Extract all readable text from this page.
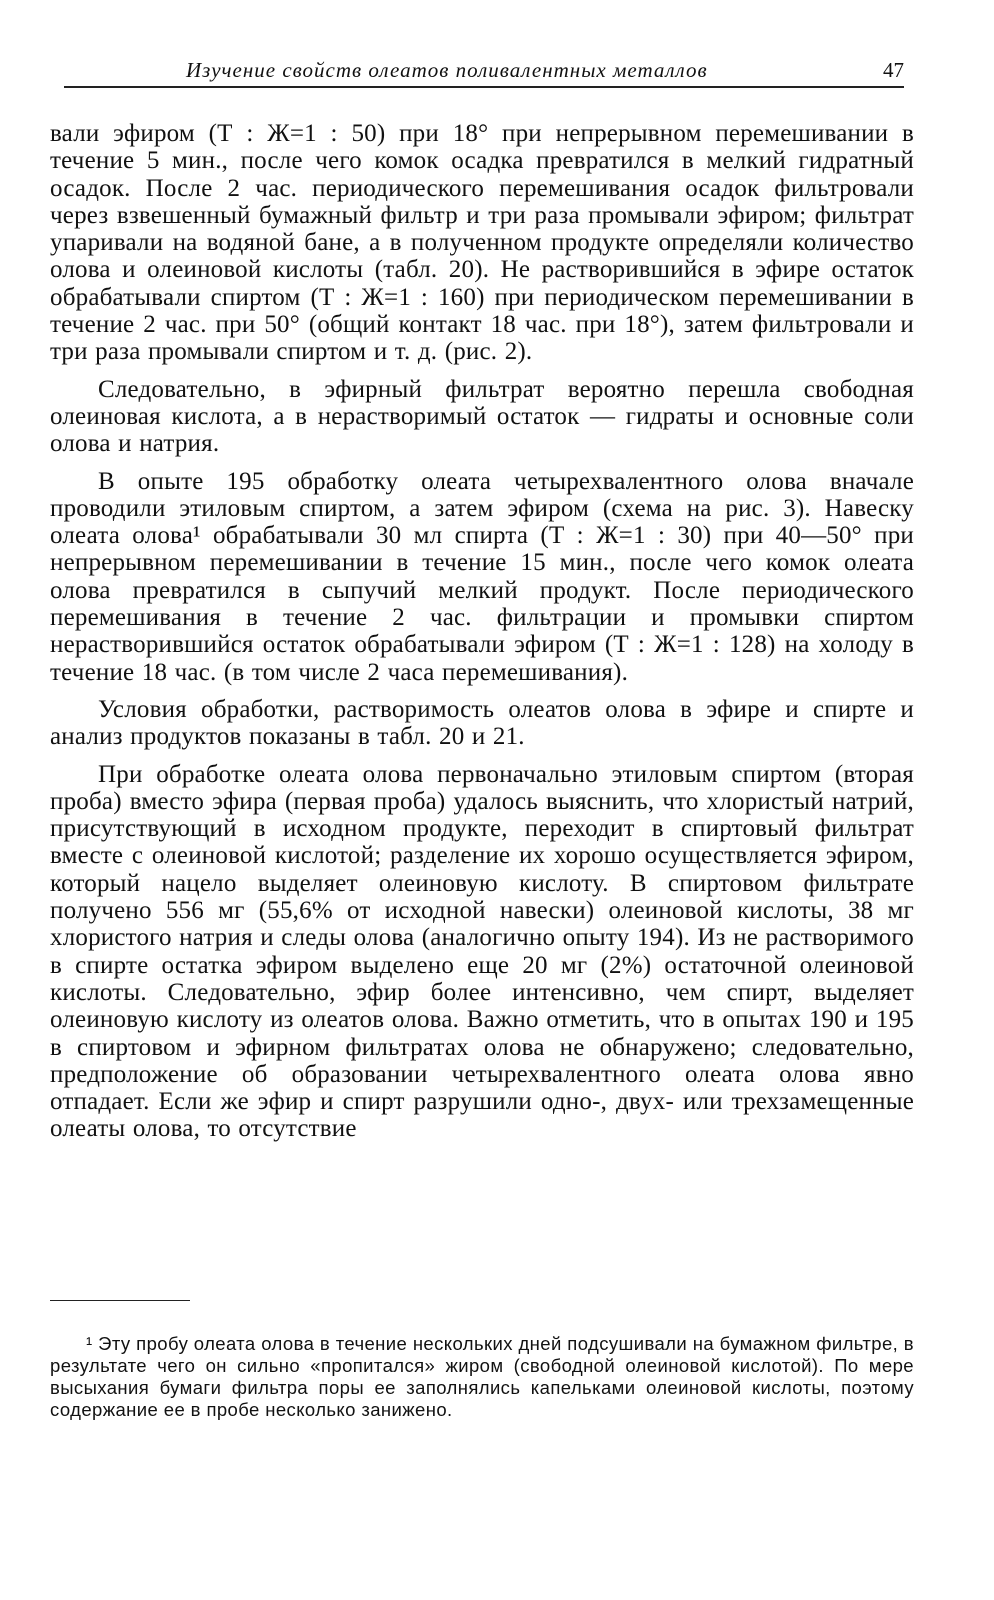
Изучение свойств олеатов поливалентных металлов	47

вали эфиром (Т : Ж=1 : 50) при 18° при непрерывном перемешивании в течение 5 мин., после чего комок осадка превратился в мелкий гидратный осадок. После 2 час. периодического перемешивания осадок фильтровали через взвешенный бумажный фильтр и три раза промывали эфиром; фильтрат упаривали на водяной бане, а в полученном продукте определяли количество олова и олеиновой кислоты (табл. 20). Не растворившийся в эфире остаток обрабатывали спиртом (Т : Ж=1 : 160) при периодическом перемешивании в течение 2 час. при 50° (общий контакт 18 час. при 18°), затем фильтровали и три раза промывали спиртом и т. д. (рис. 2).

Следовательно, в эфирный фильтрат вероятно перешла свободная олеиновая кислота, а в нерастворимый остаток — гидраты и основные соли олова и натрия.

В опыте 195 обработку олеата четырехвалентного олова вначале проводили этиловым спиртом, а затем эфиром (схема на рис. 3). Навеску олеата олова¹ обрабатывали 30 мл спирта (Т : Ж=1 : 30) при 40—50° при непрерывном перемешивании в течение 15 мин., после чего комок олеата олова превратился в сыпучий мелкий продукт. После периодического перемешивания в течение 2 час. фильтрации и промывки спиртом нерастворившийся остаток обрабатывали эфиром (Т : Ж=1 : 128) на холоду в течение 18 час. (в том числе 2 часа перемешивания).

Условия обработки, растворимость олеатов олова в эфире и спирте и анализ продуктов показаны в табл. 20 и 21.

При обработке олеата олова первоначально этиловым спиртом (вторая проба) вместо эфира (первая проба) удалось выяснить, что хлористый натрий, присутствующий в исходном продукте, переходит в спиртовый фильтрат вместе с олеиновой кислотой; разделение их хорошо осуществляется эфиром, который нацело выделяет олеиновую кислоту. В спиртовом фильтрате получено 556 мг (55,6% от исходной навески) олеиновой кислоты, 38 мг хлористого натрия и следы олова (аналогично опыту 194). Из не растворимого в спирте остатка эфиром выделено еще 20 мг (2%) остаточной олеиновой кислоты. Следовательно, эфир более интенсивно, чем спирт, выделяет олеиновую кислоту из олеатов олова. Важно отметить, что в опытах 190 и 195 в спиртовом и эфирном фильтратах олова не обнаружено; следовательно, предположение об образовании четырехвалентного олеата олова явно отпадает. Если же эфир и спирт разрушили одно-, двух- или трехзамещенные олеаты олова, то отсутствие

¹ Эту пробу олеата олова в течение нескольких дней подсушивали на бумажном фильтре, в результате чего он сильно «пропитался» жиром (свободной олеиновой кислотой). По мере высыхания бумаги фильтра поры ее заполнялись капельками олеиновой кислоты, поэтому содержание ее в пробе несколько занижено.
